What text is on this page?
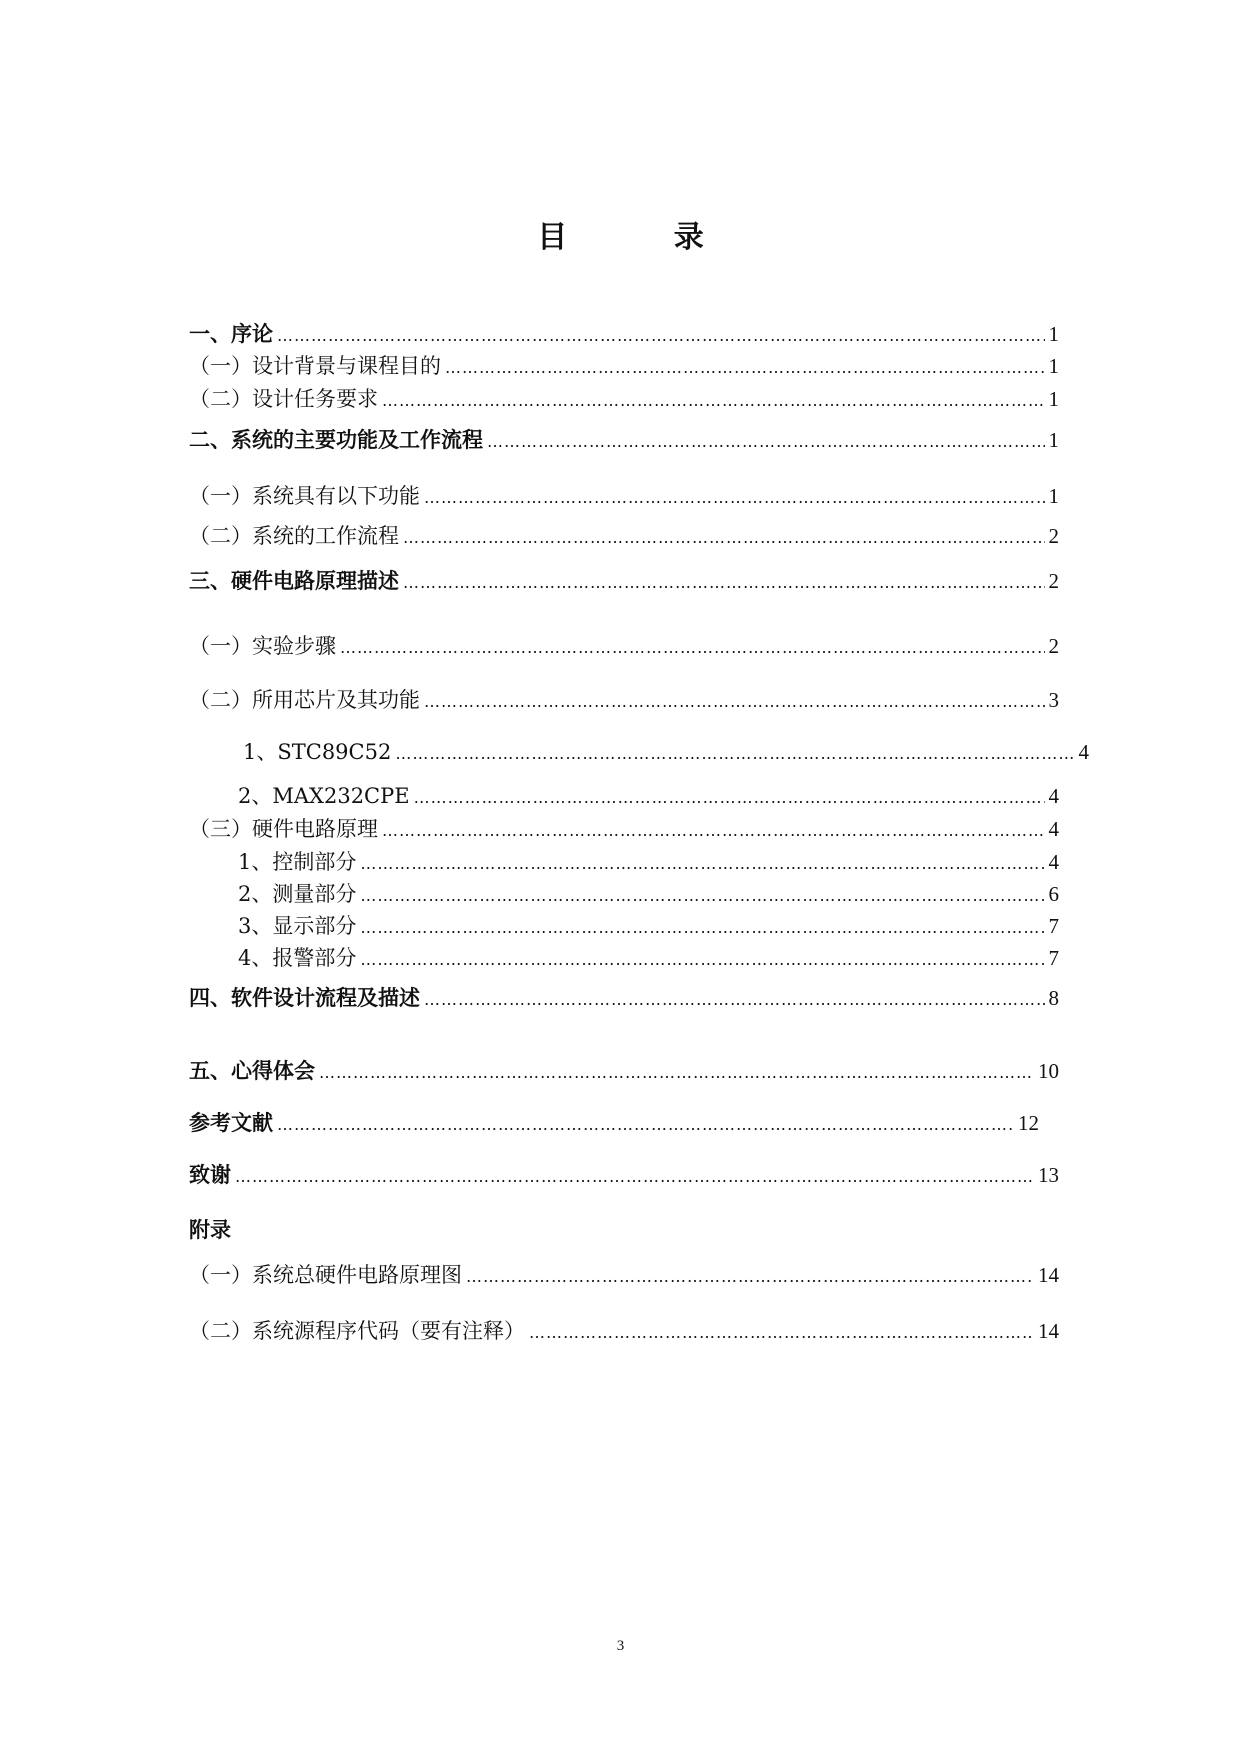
目 录
一、序论 ………………………………………………………………………………………………………………………………………………………………………………………………………………………………………………………………	1
（一）设计背景与课程目的 ………………………………………………………………………………………………………………………………………………………………………………………………………………………………………………………………	1
（二）设计任务要求 ………………………………………………………………………………………………………………………………………………………………………………………………………………………………………………………………	1
二、系统的主要功能及工作流程 ………………………………………………………………………………………………………………………………………………………………………………………………………………………………………………………………	1
（一）系统具有以下功能 ………………………………………………………………………………………………………………………………………………………………………………………………………………………………………………………………	1
（二）系统的工作流程 ………………………………………………………………………………………………………………………………………………………………………………………………………………………………………………………………	2
三、硬件电路原理描述 ………………………………………………………………………………………………………………………………………………………………………………………………………………………………………………………………	2
（一）实验步骤 ………………………………………………………………………………………………………………………………………………………………………………………………………………………………………………………………	2
（二）所用芯片及其功能 ………………………………………………………………………………………………………………………………………………………………………………………………………………………………………………………………	3
1、STC89C52 ………………………………………………………………………………………………………………………………………………………………………………………………………………………………………………………………	4
2、MAX232CPE ………………………………………………………………………………………………………………………………………………………………………………………………………………………………………………………………	4
（三）硬件电路原理 ………………………………………………………………………………………………………………………………………………………………………………………………………………………………………………………………	4
1、控制部分 ………………………………………………………………………………………………………………………………………………………………………………………………………………………………………………………………	4
2、测量部分 ………………………………………………………………………………………………………………………………………………………………………………………………………………………………………………………………	6
3、显示部分 ………………………………………………………………………………………………………………………………………………………………………………………………………………………………………………………………	7
4、报警部分 ………………………………………………………………………………………………………………………………………………………………………………………………………………………………………………………………	7
四、软件设计流程及描述 ………………………………………………………………………………………………………………………………………………………………………………………………………………………………………………………………	8
五、心得体会 ………………………………………………………………………………………………………………………………………………………………………………………………………………………………………………………………	10
参考文献 ………………………………………………………………………………………………………………………………………………………………………………………………………………………………………………………………	12
致谢 ………………………………………………………………………………………………………………………………………………………………………………………………………………………………………………………………	13
附录
（一）系统总硬件电路原理图 ………………………………………………………………………………………………………………………………………………………………………………………………………………………………………………………………	14
（二）系统源程序代码（要有注释） ………………………………………………………………………………………………………………………………………………………………………………………………………………………………………………………………	14
3
